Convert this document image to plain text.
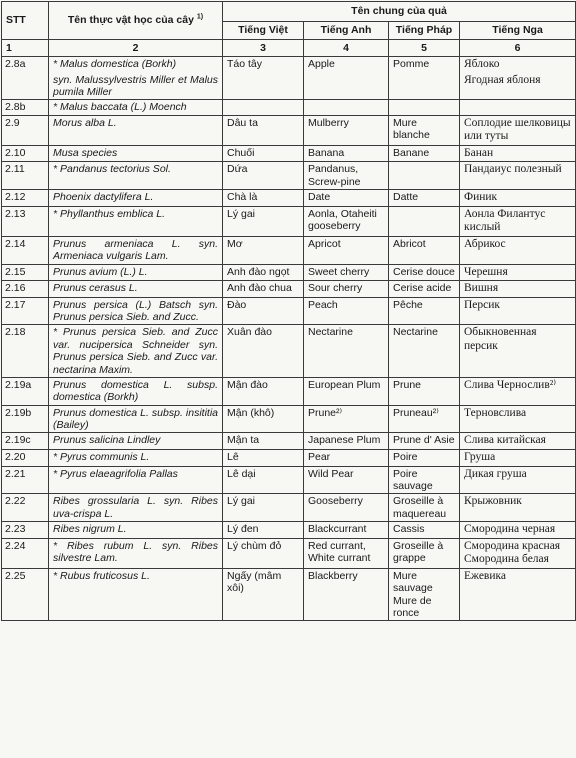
STT	Tên thực vật học của cây $^{1)}$	Tên chung của quả			
		Tiếng Việt	Tiếng Anh	Tiếng Pháp	Tiếng Nga
1	2	3	4	5	6
2.8a	* Malus domestica (Borkh)	Táo tây	Apple	Pomme	Яблоко
	syn. Malussylvestris Miller et Malus pumila Miller				Ягодная яблоня
2.8b	* Malus baccata (L.) Moench				
2.9	Morus alba L.	Dâu ta	Mulberry	Mure blanche	Соплодие шелковицы или туты
2.10	Musa species	Chuối	Banana	Banane	Банан
2.11	* Pandanus tectorius Sol.	Dứa	Pandanus, Screw-pine		Пандаиус полезный
2.12	Phoenix dactylifera L.	Chà là	Date	Datte	Финик
2.13	* Phyllanthus emblica L.	Lý gai	Aonla, Otaheiti gooseberry		Аонла Филантус кислый
2.14	Prunus armeniaca L. syn. Armeniaca vulgaris Lam.	Mơ	Apricot	Abricot	Абрикос
2.15	Prunus avium (L.) L.	Anh đào ngọt	Sweet cherry	Cerise douce	Черешня
2.16	Prunus cerasus L.	Anh đào chua	Sour cherry	Cerise acide	Вишня
2.17	Prunus persica (L.) Batsch syn. Prunus persica Sieb. and Zucc.	Đào	Peach	Pêche	Персик
2.18	* Prunus persica Sieb. and Zucc var. nucipersica Schneider syn. Prunus persica Sieb. and Zucc var. nectarina Maxim.	Xuân đào	Nectarine	Nectarine	Обыкновенная персик
2.19a	Prunus domestica L. subsp. domestica (Borkh)	Mận đào	European Plum	Prune	Слива Чернослив²⁾
2.19b	Prunus domestica L. subsp. insititia (Bailey)	Mận (khô)	Prune²⁾	Pruneau²⁾	Терновслива
2.19c	Prunus salicina Lindley	Mận ta	Japanese Plum	Prune d' Asie	Слива китайская
2.20	* Pyrus communis L.	Lê	Pear	Poire	Груша
2.21	* Pyrus elaeagrifolia Pallas	Lê dại	Wild Pear	Poire sauvage	Дикая груша
2.22	Ribes grossularia L. syn. Ribes uva-crispa L.	Lý gai	Gooseberry	Groseille à maquereau	Крыжовник
2.23	Ribes nigrum L.	Lý đen	Blackcurrant	Cassis	Смородина черная
2.24	* Ribes rubum L. syn. Ribes silvestre Lam.	Lý chùm đỏ	Red currant, White currant	Groseille à grappe	Смородина красная Смородина белая
2.25	* Rubus fruticosus L.	Ngấy (mâm xôi)	Blackberry	Mure sauvage Mure de ronce	Ежевика
